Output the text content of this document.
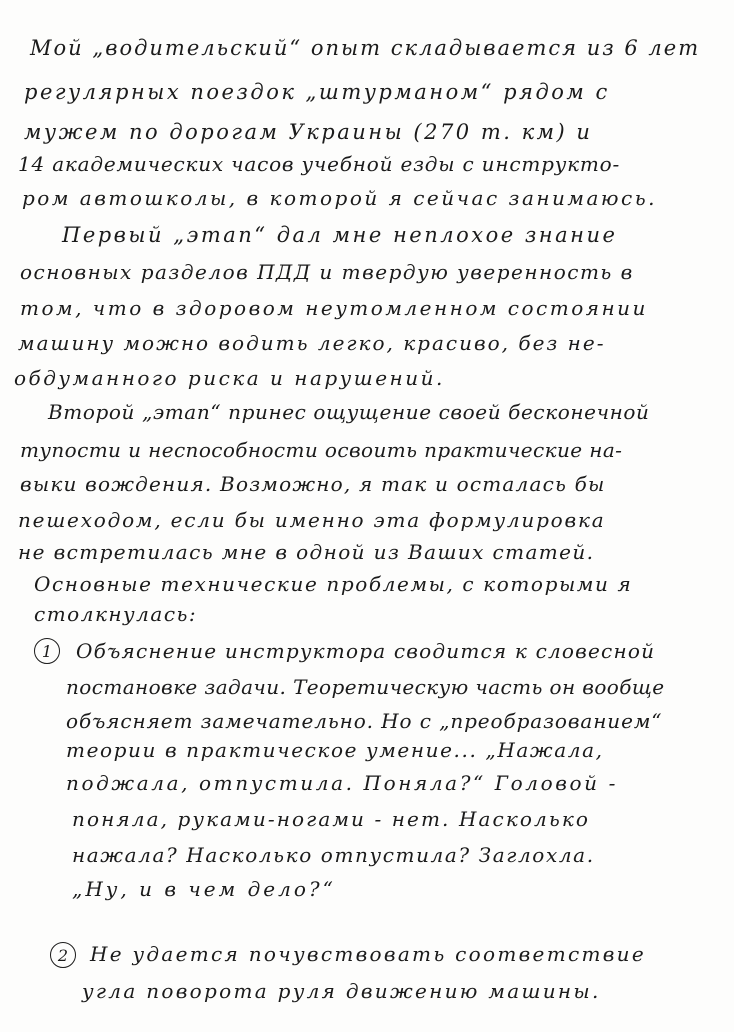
Мой „водительский“ опыт складывается из 6 лет
регулярных поездок „штурманом“ рядом с
мужем по дорогам Украины (270 т. км) и
14 академических часов учебной езды с инструкто-
ром автошколы, в которой я сейчас занимаюсь.
Первый „этап“ дал мне неплохое знание
основных разделов ПДД и твердую уверенность в
том, что в здоровом неутомленном состоянии
машину можно водить легко, красиво, без не-
обдуманного риска и нарушений.
Второй „этап“ принес ощущение своей бесконечной
тупости и неспособности освоить практические на-
выки вождения. Возможно, я так и осталась бы
пешеходом, если бы именно эта формулировка
не встретилась мне в одной из Ваших статей.
Основные технические проблемы, с которыми я
столкнулась:
1	Объяснение инструктора сводится к словесной
постановке задачи. Теоретическую часть он вообще
объясняет замечательно. Но с „преобразованием“
теории в практическое умение... „Нажала,
поджала, отпустила. Поняла?“ Головой -
поняла, руками-ногами - нет. Насколько
нажала? Насколько отпустила? Заглохла.
„Ну, и в чем дело?“
2	Не удается почувствовать соответствие
угла поворота руля движению машины.
